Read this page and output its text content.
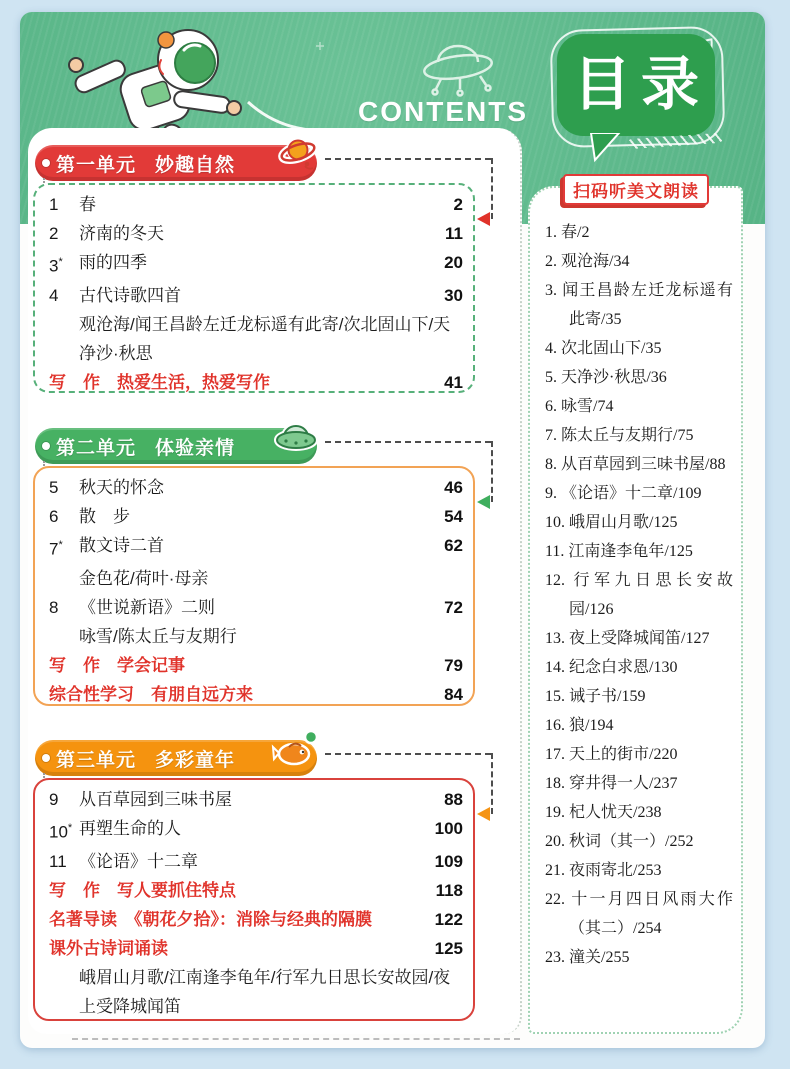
CONTENTS 目录
第一单元 妙趣自然
1	春	2
2	济南的冬天	11
3* 雨的四季	20
4	古代诗歌四首	30
观沧海/闻王昌龄左迁龙标遥有此寄/次北固山下/天净沙·秋思
写　作　热爱生活，热爱写作	41
第二单元 体验亲情
5	秋天的怀念	46
6	散　步	54
7* 散文诗二首	62
金色花/荷叶·母亲
8	《世说新语》二则	72
咏雪/陈太丘与友期行
写　作　学会记事	79
综合性学习　有朋自远方来	84
第三单元 多彩童年
9	从百草园到三味书屋	88
10* 再塑生命的人	100
11 《论语》十二章	109
写　作　写人要抓住特点	118
名著导读　《朝花夕拾》：消除与经典的隔膜	122
课外古诗词诵读	125
峨眉山月歌/江南逢李龟年/行军九日思长安故园/夜上受降城闻笛
扫码听美文朗读
1. 春/2
2. 观沧海/34
3. 闻王昌龄左迁龙标遥有此寄/35
4. 次北固山下/35
5. 天净沙·秋思/36
6. 咏雪/74
7. 陈太丘与友期行/75
8. 从百草园到三味书屋/88
9. 《论语》十二章/109
10. 峨眉山月歌/125
11. 江南逢李龟年/125
12. 行军九日思长安故园/126
13. 夜上受降城闻笛/127
14. 纪念白求恩/130
15. 诫子书/159
16. 狼/194
17. 天上的街市/220
18. 穿井得一人/237
19. 杞人忧天/238
20. 秋词（其一）/252
21. 夜雨寄北/253
22. 十一月四日风雨大作（其二）/254
23. 潼关/255
